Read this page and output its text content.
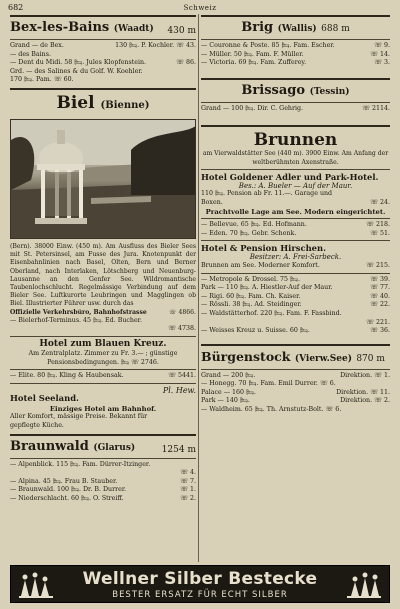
682	Schweiz
Bex-les-Bains (Waadt) 430 m
Grand — de Bex.	130 🛏. P. Kochler. ☏ 43.
— des Bains.
— Dent du Midi. 58 🛏. Jules Klopfenstein.	☏ 86.
Grd. — des Salines & du Golf. W. Koehler.
170 🛏. Pam. ☏ 60.
Biel (Bienne)
(Bern). 38000 Einw. (450 m). Am Ausfluss des Bieler Sees mit St. Petersinsel, am Fusse des Jura. Knotenpunkt der Eisenbahnlinien nach Basel, Olten, Bern und Berner Oberland, nach Interlaken, Lötschberg und Neuenburg-Lausanne an den Genfer See. Wildromantische Taubenlochschlucht. Regelmässige Verbindung auf dem Bieler See. Luftkurorte Leubringen und Magglingen ob Biel. Illustrierter Führer usw. durch das
Offizielle Verkehrsbüro, Bahnhofstrasse	☏ 4866.
— Bielerhof-Terminus. 45 🛏. Ed. Bucher.
☏ 4738.
Hotel zum Blauen Kreuz.
Am Zentralplatz. Zimmer zu Fr. 3.— ; günstige
Pensionsbedingungen. 🛏 ☏ 2746.
— Elite. 80 🛏. Kling & Haubensak.	☏ 5441.
Hotel Seeland.
Pl. Hew.
Einziges Hotel am Bahnhof.
Aller Komfort, mässige Preise. Bekannt für
gepflegte Küche.
Braunwald (Glarus)	1254 m
— Alpenblick. 115 🛏. Fam. Dürrer-Itzinger.
☏ 4.
— Alpina. 45 🛏. Frau B. Stauber.	☏ 7.
— Braunwald. 100 🛏. Dr. B. Durrer.	☏ 1.
— Niederschlacht. 60 🛏. O. Streiff.	☏ 2.
Brig (Wallis) 688 m
— Couronne & Poste. 85 🛏. Fam. Escher.	☏ 9.
— Müller. 50 🛏. Fam. F. Müller.	☏ 14.
— Victoria. 69 🛏. Fam. Zufferey.	☏ 3.
Brissago (Tessin)
Grand — 100 🛏. Dir. C. Gehrig.	☏ 2114.
Brunnen
am Vierwaldstätter See (440 m). 3900 Einw. Am Anfang der weltberühmten Axenstraße.
Hotel Goldener Adler und Park-Hotel.
Bes.: A. Bueler — Auf der Maur.
110 🛏. Pension ab Fr. 11.—. Garage und
Boxen.	☏ 24.
Prachtvolle Lage am See. Modern eingerichtet.
— Bellevue. 65 🛏. Ed. Hofmann.	☏ 218.
— Eden. 70 🛏. Gebr. Schenk.	☏ 51.
Hotel & Pension Hirschen.
Besitzer: A. Frei-Sarbeck.
Brunnen am See. Moderner Komfort.	☏ 215.
— Metropole & Drossel. 75 🛏.	☏ 39.
Park — 110 🛏. A. Hiestler-Auf der Maur.	☏ 77.
— Rigi. 60 🛏. Fam. Ch. Kaiser.	☏ 40.
— Rössli. 38 🛏. Ad. Steidinger.	☏ 22.
— Waldstätterhof. 220 🛏. Fam. F. Fassbind.
☏ 221.
— Weisses Kreuz u. Suisse. 60 🛏.	☏ 36.
Bürgenstock (Vierw.See) 870 m
Grand — 200 🛏.	Direktion. ☏ 1.
— Honegg. 70 🛏. Fam. Emil Durrer. ☏ 6.
Palace — 160 🛏.	Direktion. ☏ 11.
Park — 140 🛏.	Direktion. ☏ 2.
— Waldheim. 65 🛏. Th. Arnstutz-Bolt. ☏ 6.
Wellner Silber Bestecke
BESTER ERSATZ FÜR ECHT SILBER
